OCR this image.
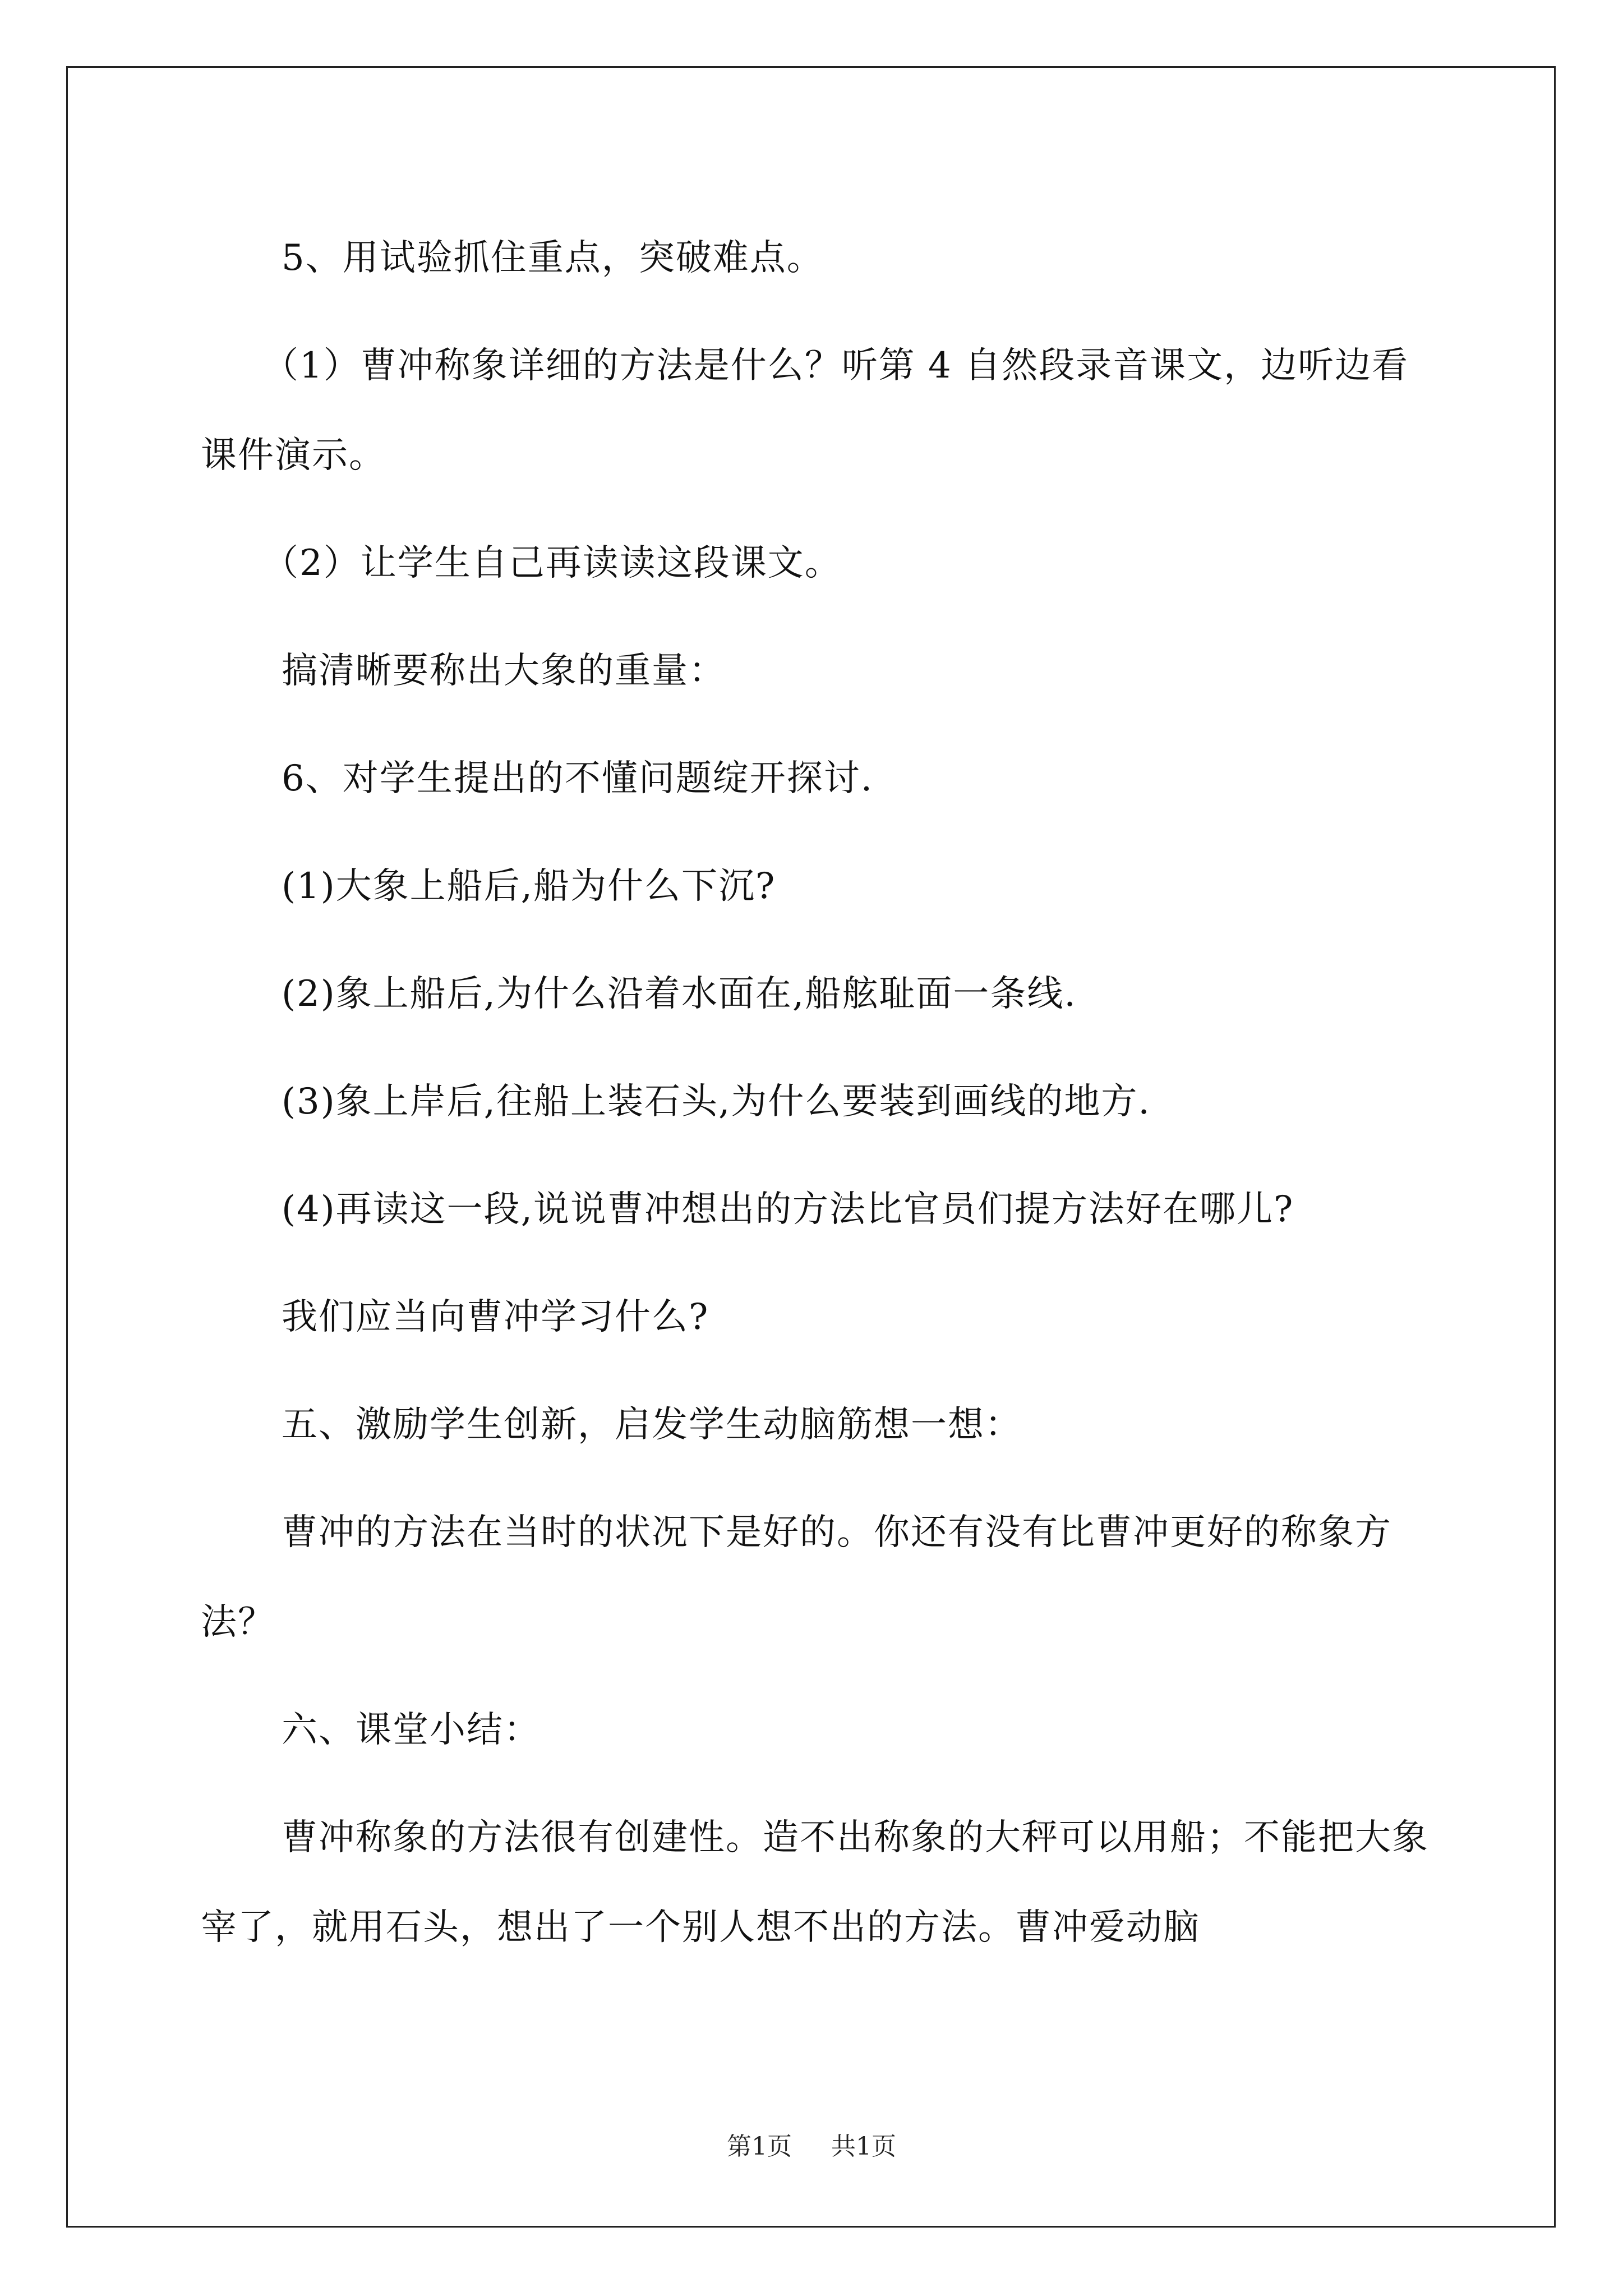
5、用试验抓住重点，突破难点。

（1）曹冲称象详细的方法是什么？听第 4 自然段录音课文，边听边看课件演示。

（2）让学生自己再读读这段课文。

搞清晰要称出大象的重量：

6、对学生提出的不懂问题绽开探讨.

(1)大象上船后,船为什么下沉?

(2)象上船后,为什么沿着水面在,船舷耻面一条线.

(3)象上岸后,往船上装石头,为什么要装到画线的地方.

(4)再读这一段,说说曹冲想出的方法比官员们提方法好在哪儿?

我们应当向曹冲学习什么?

五、激励学生创新，启发学生动脑筋想一想：

曹冲的方法在当时的状况下是好的。你还有没有比曹冲更好的称象方法？

六、课堂小结：

曹冲称象的方法很有创建性。造不出称象的大秤可以用船；不能把大象宰了，就用石头，想出了一个别人想不出的方法。曹冲爱动脑

第1页 共1页
